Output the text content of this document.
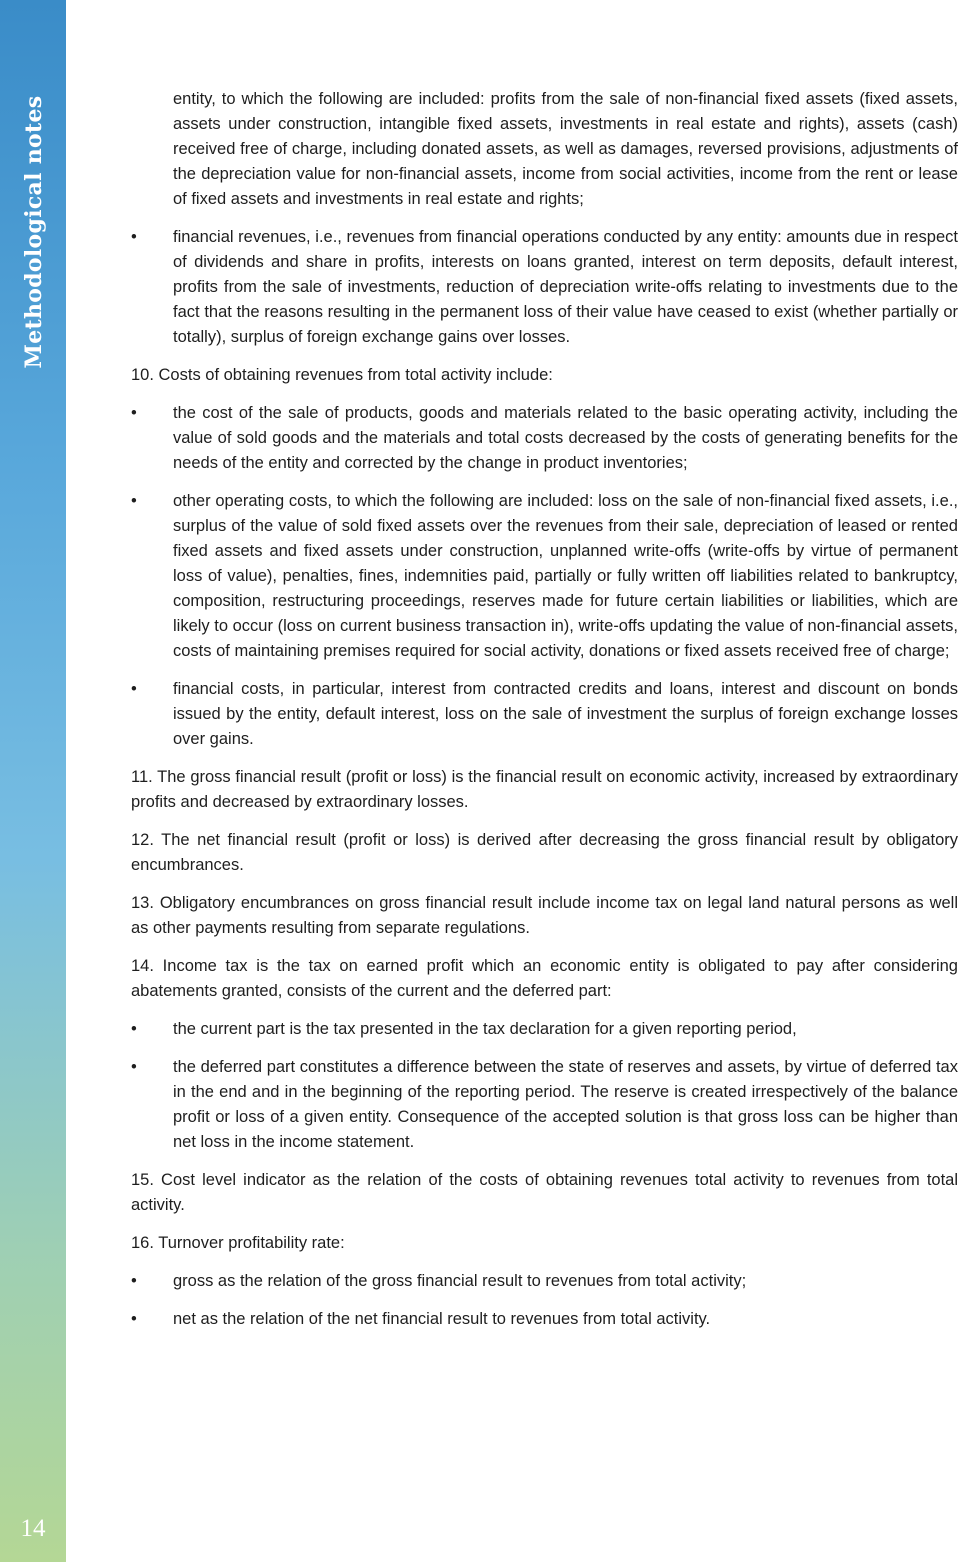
Methodological notes
14

entity, to which the following are included: profits from the sale of non-financial fixed assets (fixed assets, assets under construction, intangible fixed assets, investments in real estate and rights), assets (cash) received free of charge, including donated assets, as well as damages, reversed provisions, adjustments of the depreciation value for non-financial assets, income from social activities, income from the rent or lease of fixed assets and investments in real estate and rights;

•	financial revenues, i.e., revenues from financial operations conducted by any entity: amounts due in respect of dividends and share in profits, interests on loans granted, interest on term deposits, default interest, profits from the sale of investments, reduction of depreciation write-offs relating to investments due to the fact that the reasons resulting in the permanent loss of their value have ceased to exist (whether partially or totally), surplus of foreign exchange gains over losses.

10. Costs of obtaining revenues from total activity include:

•	the cost of the sale of products, goods and materials related to the basic operating activity, including the value of sold goods and the materials and total costs decreased by the costs of generating benefits for the needs of the entity and corrected by the change in product inventories;
•	other operating costs, to which the following are included: loss on the sale of non-financial fixed assets, i.e., surplus of the value of sold fixed assets over the revenues from their sale, depreciation of leased or rented fixed assets and fixed assets under construction, unplanned write-offs (write-offs by virtue of permanent loss of value), penalties, fines, indemnities paid, partially or fully written off liabilities related to bankruptcy, composition, restructuring proceedings, reserves made for future certain liabilities or liabilities, which are likely to occur (loss on current business transaction in), write-offs updating the value of non-financial assets, costs of maintaining premises required for social activity, donations or fixed assets received free of charge;
•	financial costs, in particular, interest from contracted credits and loans, interest and discount on bonds issued by the entity, default interest, loss on the sale of investment the surplus of foreign exchange losses over gains.

11. The gross financial result (profit or loss) is the financial result on economic activity, increased by extraordinary profits and decreased by extraordinary losses.

12. The net financial result (profit or loss) is derived after decreasing the gross financial result by obligatory encumbrances.

13. Obligatory encumbrances on gross financial result include income tax on legal land natural persons as well as other payments resulting from separate regulations.

14. Income tax is the tax on earned profit which an economic entity is obligated to pay after considering abatements granted, consists of the current and the deferred part:

•	the current part is the tax presented in the tax declaration for a given reporting period,
•	the deferred part constitutes a difference between the state of reserves and assets, by virtue of deferred tax in the end and in the beginning of the reporting period. The reserve is created irrespectively of the balance profit or loss of a given entity. Consequence of the accepted solution is that gross loss can be higher than net loss in the income statement.

15. Cost level indicator as the relation of the costs of obtaining revenues total activity to revenues from total activity.

16. Turnover profitability rate:

•	gross as the relation of the gross financial result to revenues from total activity;
•	net as the relation of the net financial result to revenues from total activity.
